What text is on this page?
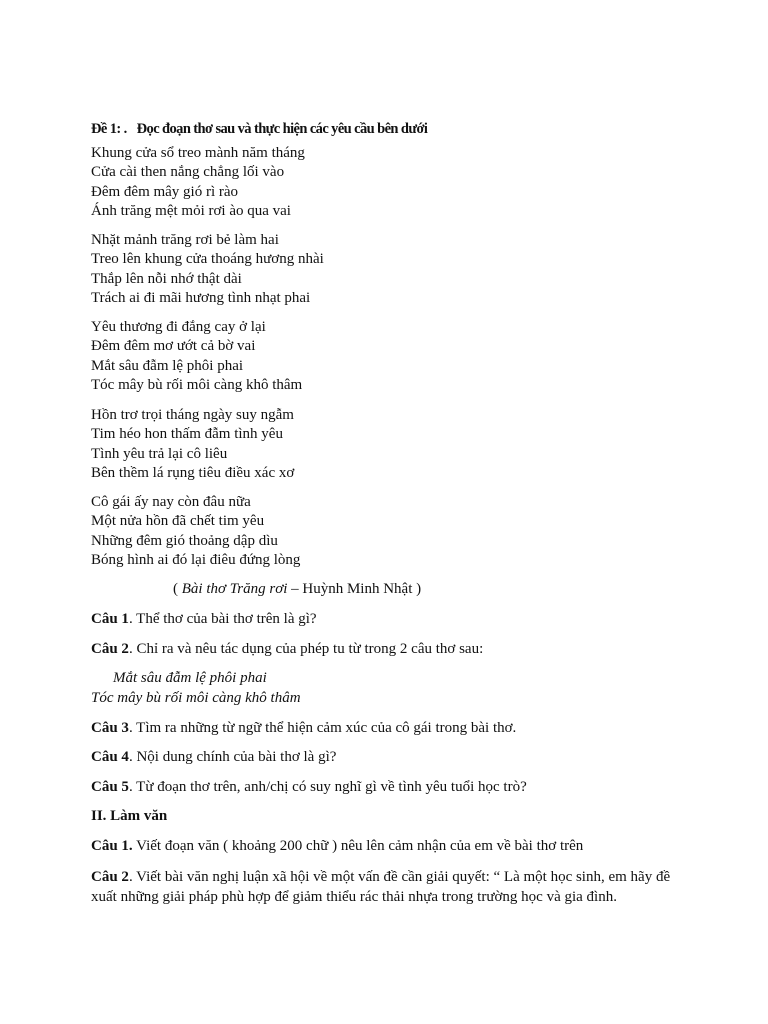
Đề 1: . Đọc đoạn thơ sau và thực hiện các yêu cầu bên dưới
Khung cửa sổ treo mành năm tháng
Cửa cài then nắng chẳng lối vào
Đêm đêm mây gió rì rào
Ánh trăng mệt mỏi rơi ào qua vai
Nhặt mảnh trăng rơi bẻ làm hai
Treo lên khung cửa thoáng hương nhài
Thắp lên nỗi nhớ thật dài
Trách ai đi mãi hương tình nhạt phai
Yêu thương đi đắng cay ở lại
Đêm đêm mơ ướt cả bờ vai
Mắt sâu đẫm lệ phôi phai
Tóc mây bù rối môi càng khô thâm
Hồn trơ trọi tháng ngày suy ngẫm
Tim héo hon thấm đẫm tình yêu
Tình yêu trả lại cô liêu
Bên thềm lá rụng tiêu điều xác xơ
Cô gái ấy nay còn đâu nữa
Một nửa hồn đã chết tim yêu
Những đêm gió thoảng dập dìu
Bóng hình ai đó lại điêu đứng lòng
( Bài thơ Trăng rơi – Huỳnh Minh Nhật )
Câu 1. Thể thơ của bài thơ trên là gì?
Câu 2. Chỉ ra và nêu tác dụng của phép tu từ trong 2 câu thơ sau:
Mắt sâu đẫm lệ phôi phai
Tóc mây bù rối môi càng khô thâm
Câu 3. Tìm ra những từ ngữ thể hiện cảm xúc của cô gái trong bài thơ.
Câu 4. Nội dung chính của bài thơ là gì?
Câu 5. Từ đoạn thơ trên, anh/chị có suy nghĩ gì về tình yêu tuổi học trò?
II. Làm văn
Câu 1. Viết đoạn văn ( khoảng 200 chữ ) nêu lên cảm nhận của em về bài thơ trên
Câu 2. Viết bài văn nghị luận xã hội về một vấn đề cần giải quyết: “ Là một học sinh, em hãy đề
xuất những giải pháp phù hợp để giảm thiểu rác thải nhựa trong trường học và gia đình.
